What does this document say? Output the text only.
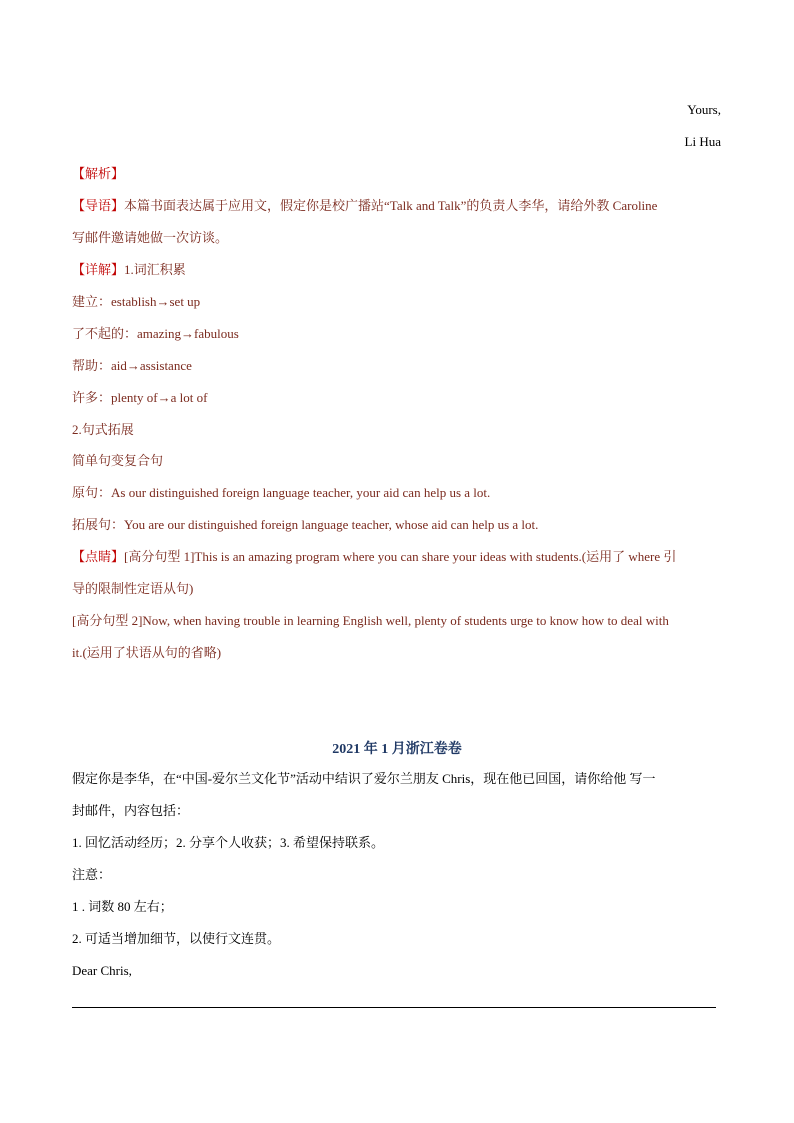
Yours,
Li Hua
【解析】
【导语】本篇书面表达属于应用文，假定你是校广播站“Talk and Talk”的负责人李华，请给外教 Caroline
写邮件邀请她做一次访谈。
【详解】1.词汇积累
建立：establish→set up
了不起的：amazing→fabulous
帮助：aid→assistance
许多：plenty of→a lot of
2.句式拓展
简单句变复合句
原句：As our distinguished foreign language teacher, your aid can help us a lot.
拓展句：You are our distinguished foreign language teacher, whose aid can help us a lot.
【点睛】[高分句型 1]This is an amazing program where you can share your ideas with students.(运用了 where 引
导的限制性定语从句)
[高分句型 2]Now, when having trouble in learning English well, plenty of students urge to know how to deal with
it.(运用了状语从句的省略)
2021 年 1 月浙江卷卷
假定你是李华，在“中国-爱尔兰文化节”活动中结识了爱尔兰朋友 Chris，现在他已回国，请你给他 写一
封邮件，内容包括：
1. 回忆活动经历；2. 分享个人收获；3. 希望保持联系。
注意：
1 . 词数 80 左右；
2. 可适当增加细节，以使行文连贯。
Dear Chris,
